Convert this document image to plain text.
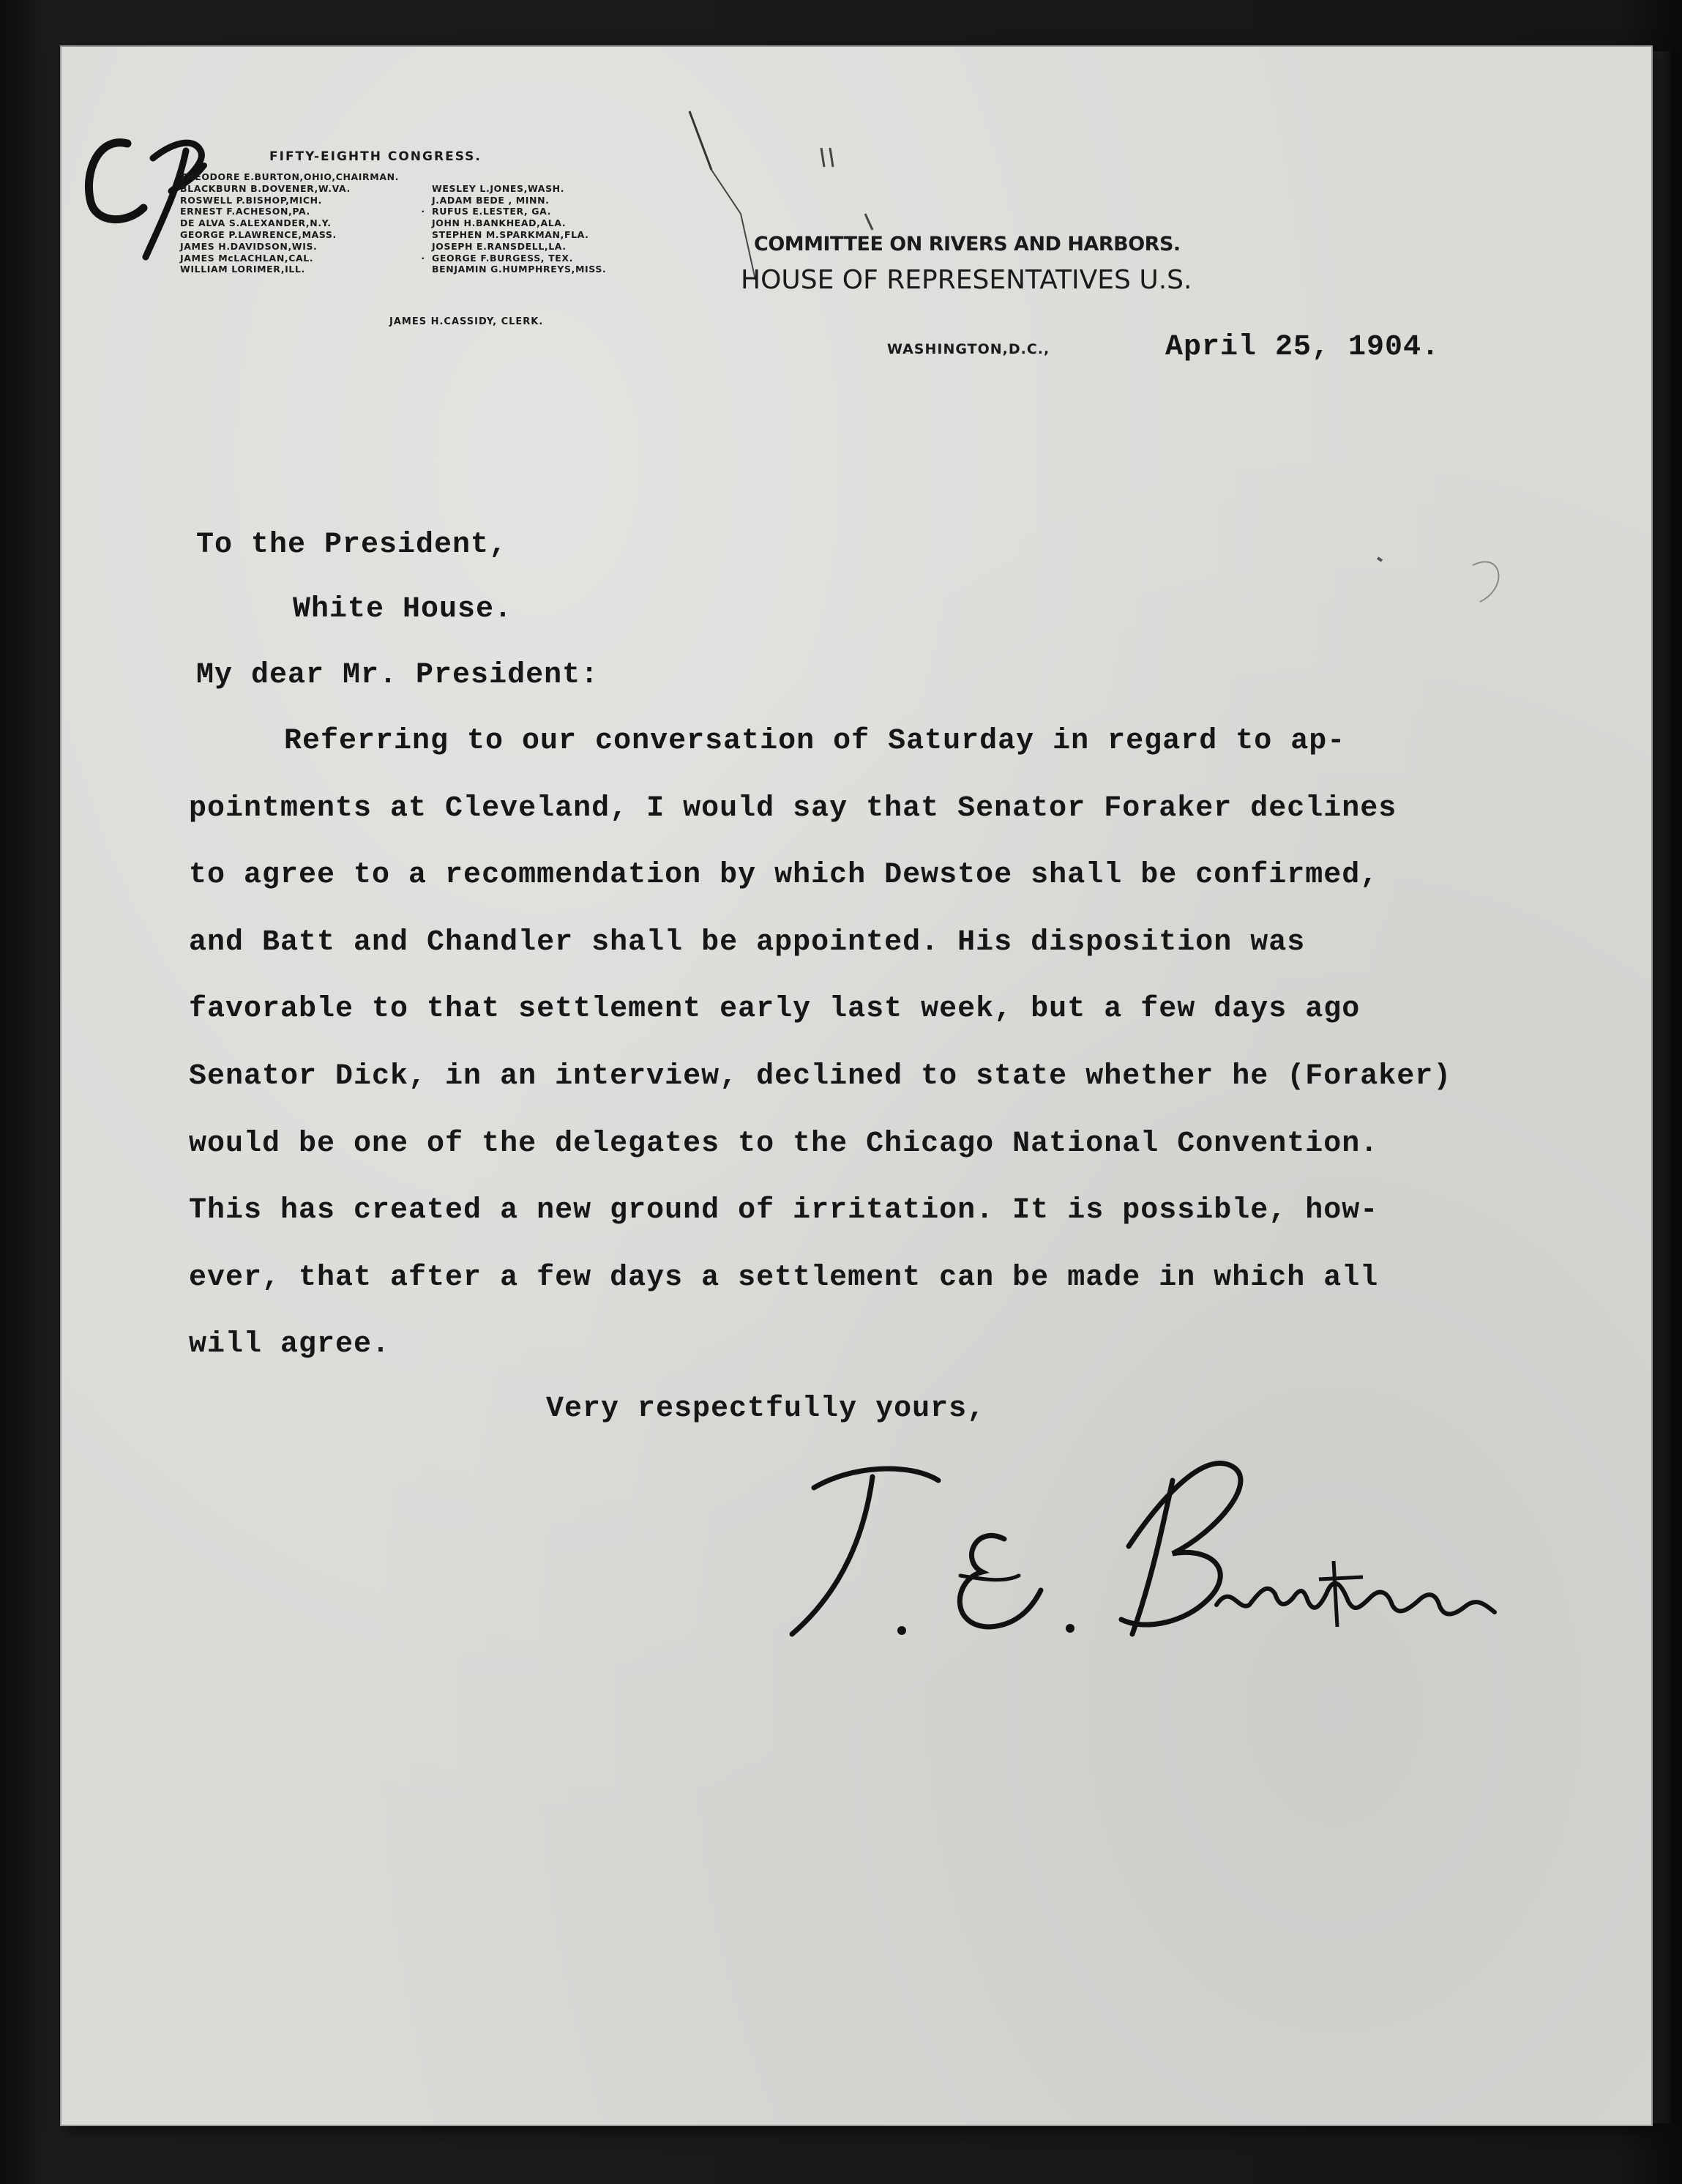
FIFTY-EIGHTH CONGRESS.
THEODORE E.BURTON,OHIO,CHAIRMAN.
BLACKBURN B.DOVENER,W.VA.	WESLEY L.JONES,WASH.
ROSWELL P.BISHOP,MICH.	J.ADAM BEDE , MINN.
ERNEST F.ACHESON,PA.	· RUFUS E.LESTER, GA.
DE ALVA S.ALEXANDER,N.Y.	JOHN H.BANKHEAD,ALA.
GEORGE P.LAWRENCE,MASS.	STEPHEN M.SPARKMAN,FLA.
JAMES H.DAVIDSON,WIS.	JOSEPH E.RANSDELL,LA.
JAMES McLACHLAN,CAL.	· GEORGE F.BURGESS, TEX.
WILLIAM LORIMER,ILL.	BENJAMIN G.HUMPHREYS,MISS.
JAMES H.CASSIDY, CLERK.
COMMITTEE ON RIVERS AND HARBORS.
HOUSE OF REPRESENTATIVES U.S.
WASHINGTON,D.C.,	April 25, 1904.
To the President,
White House.
My dear Mr. President:
Referring to our conversation of Saturday in regard to ap-
pointments at Cleveland, I would say that Senator Foraker declines
to agree to a recommendation by which Dewstoe shall be confirmed,
and Batt and Chandler shall be appointed. His disposition was
favorable to that settlement early last week, but a few days ago
Senator Dick, in an interview, declined to state whether he (Foraker)
would be one of the delegates to the Chicago National Convention.
This has created a new ground of irritation. It is possible, how-
ever, that after a few days a settlement can be made in which all
will agree.
Very respectfully yours,
